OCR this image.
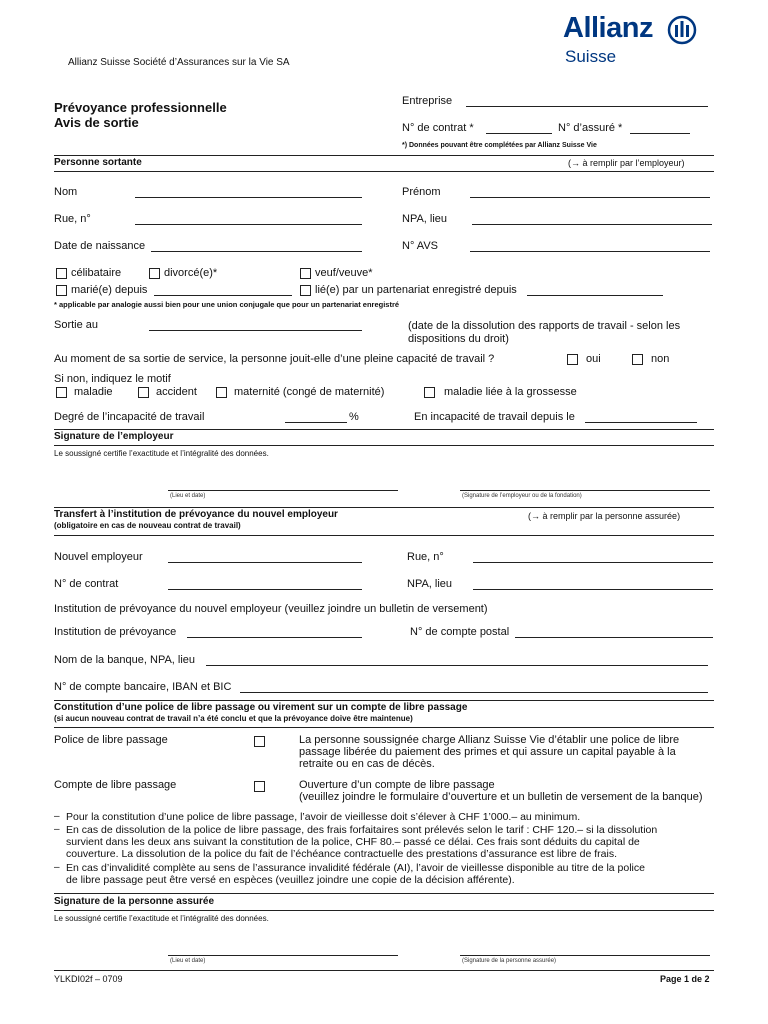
Allianz
Suisse
Allianz Suisse Société d’Assurances sur la Vie SA
Prévoyance professionnelle
Avis de sortie
Entreprise
N° de contrat *	N° d’assuré *
*) Données pouvant être complétées par Allianz Suisse Vie
Personne sortante	(→ à remplir par l’employeur)
Nom	Prénom
Rue, n°	NPA, lieu
Date de naissance	N° AVS
célibataire	divorcé(e)*	veuf/veuve*
marié(e) depuis	lié(e) par un partenariat enregistré depuis
* applicable par analogie aussi bien pour une union conjugale que pour un partenariat enregistré
Sortie au	(date de la dissolution des rapports de travail - selon les
dispositions du droit)
Au moment de sa sortie de service, la personne jouit-elle d’une pleine capacité de travail ?	oui	non
Si non, indiquez le motif
maladie	accident	maternité (congé de maternité)	maladie liée à la grossesse
Degré de l’incapacité de travail	%	En incapacité de travail depuis le
Signature de l’employeur
Le soussigné certifie l’exactitude et l’intégralité des données.
(Lieu et date)	(Signature de l’employeur ou de la fondation)
Transfert à l’institution de prévoyance du nouvel employeur
(obligatoire en cas de nouveau contrat de travail)
(→ à remplir par la personne assurée)
Nouvel employeur	Rue, n°
N° de contrat	NPA, lieu
Institution de prévoyance du nouvel employeur (veuillez joindre un bulletin de versement)
Institution de prévoyance	N° de compte postal
Nom de la banque, NPA, lieu
N° de compte bancaire, IBAN et BIC
Constitution d’une police de libre passage ou virement sur un compte de libre passage
(si aucun nouveau contrat de travail n’a été conclu et que la prévoyance doive être maintenue)
Police de libre passage	La personne soussignée charge Allianz Suisse Vie d’établir une police de libre
passage libérée du paiement des primes et qui assure un capital payable à la
retraite ou en cas de décès.
Compte de libre passage	Ouverture d’un compte de libre passage
(veuillez joindre le formulaire d’ouverture et un bulletin de versement de la banque)
– Pour la constitution d’une police de libre passage, l’avoir de vieillesse doit s’élever à CHF 1’000.– au minimum.
– En cas de dissolution de la police de libre passage, des frais forfaitaires sont prélevés selon le tarif : CHF 120.– si la dissolution
survient dans les deux ans suivant la constitution de la police, CHF 80.– passé ce délai. Ces frais sont déduits du capital de
couverture. La dissolution de la police du fait de l’échéance contractuelle des prestations d’assurance est libre de frais.
– En cas d’invalidité complète au sens de l’assurance invalidité fédérale (AI), l’avoir de vieillesse disponible au titre de la police
de libre passage peut être versé en espèces (veuillez joindre une copie de la décision afférente).
Signature de la personne assurée
Le soussigné certifie l’exactitude et l’intégralité des données.
(Lieu et date)	(Signature de la personne assurée)
YLKDI02f – 0709	Page 1 de 2
